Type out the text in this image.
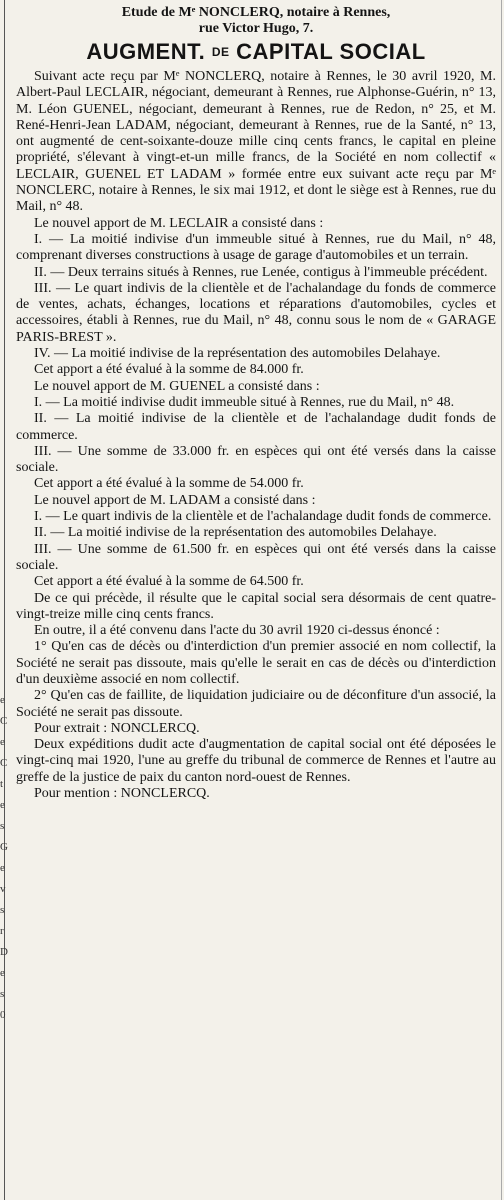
e
C
e
C
t
e
s
G
e
v
s
r
D
e
s
0

Etude de Mᵉ NONCLERQ, notaire à Rennes,

rue Victor Hugo, 7.

AUGMENT. $^{DE}$ CAPITAL SOCIAL

Suivant acte reçu par Mᵉ NONCLERQ, notaire à Rennes, le 30 avril 1920, M. Albert-Paul LECLAIR, négociant, demeurant à Rennes, rue Alphonse-Guérin, n° 13, M. Léon GUENEL, négociant, demeurant à Rennes, rue de Redon, n° 25, et M. René-Henri-Jean LADAM, négociant, demeurant à Rennes, rue de la Santé, n° 13, ont augmenté de cent-soixante-douze mille cinq cents francs, le capital en pleine propriété, s'élevant à vingt-et-un mille francs, de la Société en nom collectif « LECLAIR, GUENEL ET LADAM » formée entre eux suivant acte reçu par Mᵉ NONCLERC, notaire à Rennes, le six mai 1912, et dont le siège est à Rennes, rue du Mail, n° 48.

Le nouvel apport de M. LECLAIR a consisté dans :

I. — La moitié indivise d'un immeuble situé à Rennes, rue du Mail, n° 48, comprenant diverses constructions à usage de garage d'automobiles et un terrain.

II. — Deux terrains situés à Rennes, rue Lenée, contigus à l'immeuble précédent.

III. — Le quart indivis de la clientèle et de l'achalandage du fonds de commerce de ventes, achats, échanges, locations et réparations d'automobiles, cycles et accessoires, établi à Rennes, rue du Mail, n° 48, connu sous le nom de « GARAGE PARIS-BREST ».

IV. — La moitié indivise de la représentation des automobiles Delahaye.

Cet apport a été évalué à la somme de 84.000 fr.

Le nouvel apport de M. GUENEL a consisté dans :

I. — La moitié indivise dudit immeuble situé à Rennes, rue du Mail, n° 48.

II. — La moitié indivise de la clientèle et de l'achalandage dudit fonds de commerce.

III. — Une somme de 33.000 fr. en espèces qui ont été versés dans la caisse sociale.

Cet apport a été évalué à la somme de 54.000 fr.

Le nouvel apport de M. LADAM a consisté dans :

I. — Le quart indivis de la clientèle et de l'achalandage dudit fonds de commerce.

II. — La moitié indivise de la représentation des automobiles Delahaye.

III. — Une somme de 61.500 fr. en espèces qui ont été versés dans la caisse sociale.

Cet apport a été évalué à la somme de 64.500 fr.

De ce qui précède, il résulte que le capital social sera désormais de cent quatre-vingt-treize mille cinq cents francs.

En outre, il a été convenu dans l'acte du 30 avril 1920 ci-dessus énoncé :

1° Qu'en cas de décès ou d'interdiction d'un premier associé en nom collectif, la Société ne serait pas dissoute, mais qu'elle le serait en cas de décès ou d'interdiction d'un deuxième associé en nom collectif.

2° Qu'en cas de faillite, de liquidation judiciaire ou de déconfiture d'un associé, la Société ne serait pas dissoute.

Pour extrait : NONCLERCQ.

Deux expéditions dudit acte d'augmentation de capital social ont été déposées le vingt-cinq mai 1920, l'une au greffe du tribunal de commerce de Rennes et l'autre au greffe de la justice de paix du canton nord-ouest de Rennes.

Pour mention : NONCLERCQ.
